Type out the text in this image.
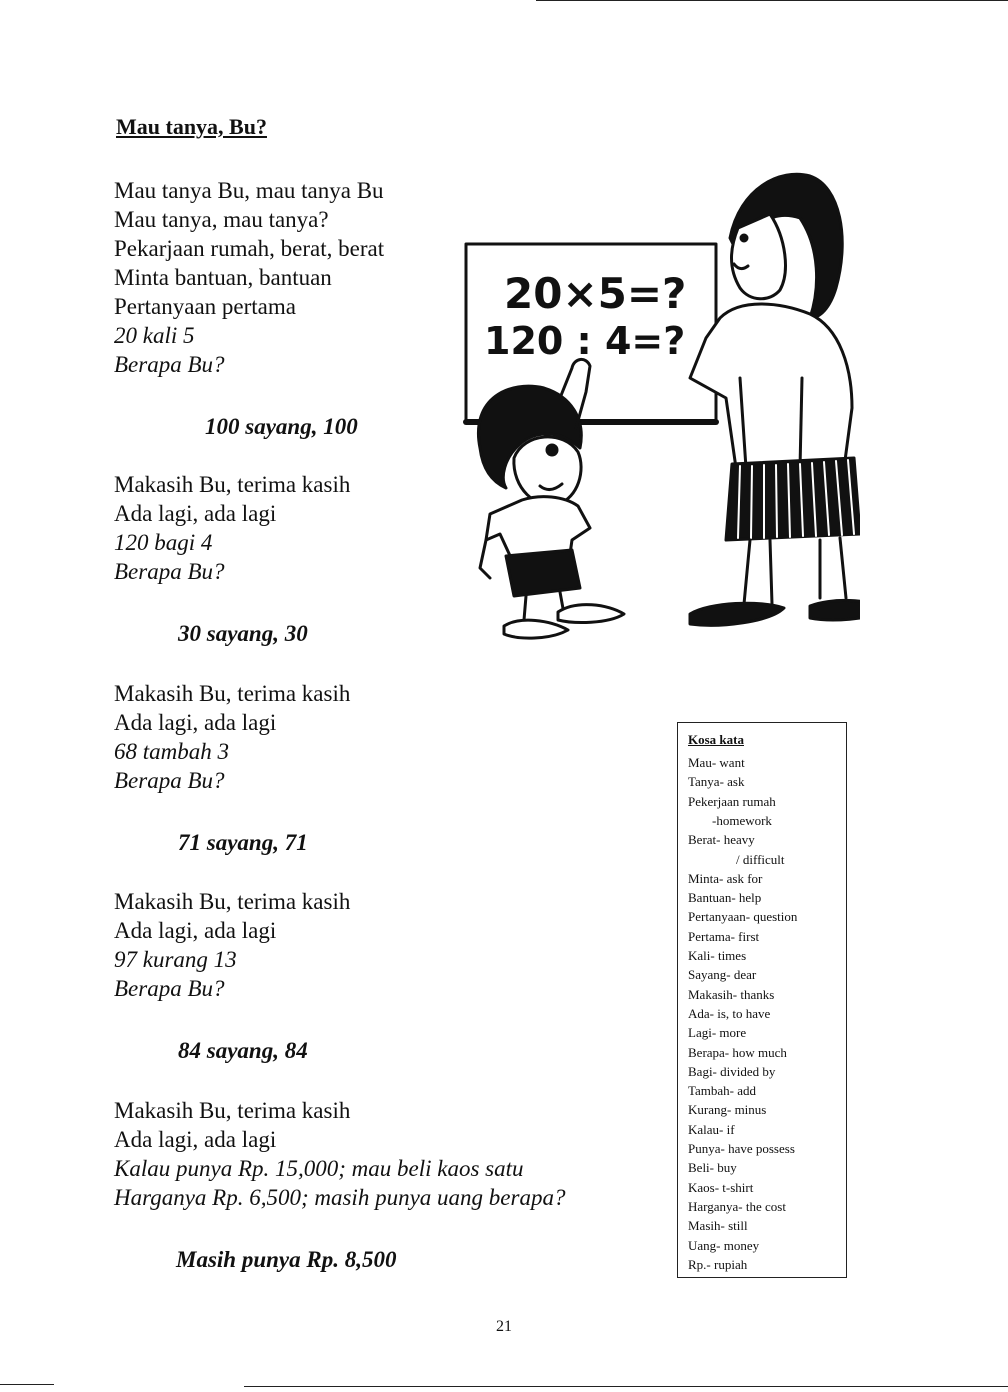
Mau tanya, Bu?
Mau tanya Bu, mau tanya Bu
Mau tanya, mau tanya?
Pekarjaan rumah, berat, berat
Minta bantuan, bantuan
Pertanyaan pertama
20 kali 5
Berapa Bu?
100 sayang, 100
Makasih Bu, terima kasih
Ada lagi, ada lagi
120 bagi 4
Berapa Bu?
30 sayang, 30
Makasih Bu, terima kasih
Ada lagi, ada lagi
68 tambah 3
Berapa Bu?
71 sayang, 71
Makasih Bu, terima kasih
Ada lagi, ada lagi
97 kurang 13
Berapa Bu?
84 sayang, 84
Makasih Bu, terima kasih
Ada lagi, ada lagi
Kalau punya Rp. 15,000; mau beli kaos satu
Harganya Rp. 6,500; masih punya uang berapa?
Masih punya Rp. 8,500
20×5=?
120 : 4=?
Kosa kata
Mau- want
Tanya- ask
Pekerjaan rumah
-homework
Berat- heavy
/ difficult
Minta- ask for
Bantuan- help
Pertanyaan- question
Pertama- first
Kali- times
Sayang- dear
Makasih- thanks
Ada- is, to have
Lagi- more
Berapa- how much
Bagi- divided by
Tambah- add
Kurang- minus
Kalau- if
Punya- have possess
Beli- buy
Kaos- t-shirt
Harganya- the cost
Masih- still
Uang- money
Rp.- rupiah
21
